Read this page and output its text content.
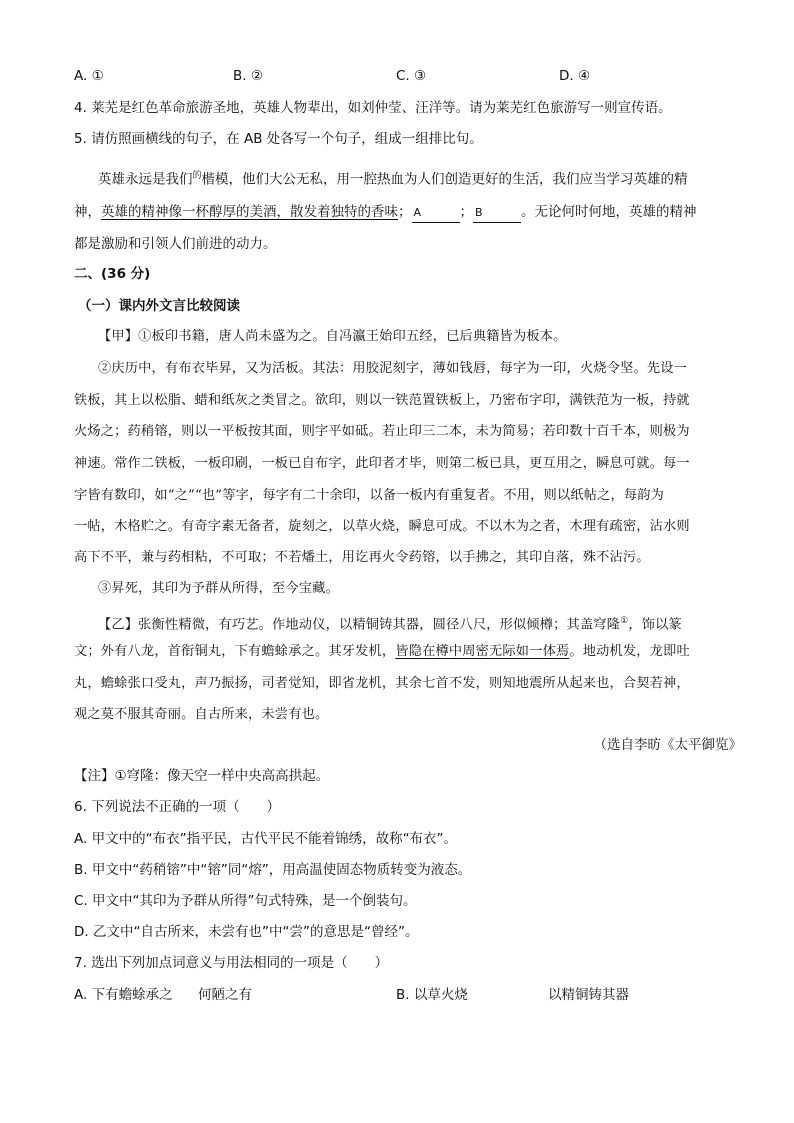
A. ①	B. ②	C. ③	D. ④
4. 莱芜是红色革命旅游圣地，英雄人物辈出，如刘仲莹、汪洋等。请为莱芜红色旅游写一则宣传语。
5. 请仿照画横线的句子，在 AB 处各写一个句子，组成一组排比句。
英雄永远是我们$^的$楷模，他们大公无私，用一腔热血为人们创造更好的生活，我们应当学习英雄的精
神，英雄的精神像一杯醇厚的美酒，散发着独特的香味； A	； B	。无论何时何地，英雄的精神
都是激励和引领人们前进的动力。
二、(36 分)
（一）课内外文言比较阅读
【甲】①板印书籍，唐人尚未盛为之。自冯瀛王始印五经，已后典籍皆为板本。
②庆历中，有布衣毕昇，又为活板。其法：用胶泥刻字，薄如钱唇，每字为一印，火烧令坚。先设一
铁板，其上以松脂、蜡和纸灰之类冒之。欲印，则以一铁范置铁板上，乃密布字印，满铁范为一板，持就
火炀之；药稍镕，则以一平板按其面，则字平如砥。若止印三二本，未为简易；若印数十百千本，则极为
神速。常作二铁板，一板印刷，一板已自布字，此印者才毕，则第二板已具，更互用之，瞬息可就。每一
字皆有数印，如“之”“也”等字，每字有二十余印，以备一板内有重复者。不用，则以纸帖之，每韵为
一帖，木格贮之。有奇字素无备者，旋刻之，以草火烧，瞬息可成。不以木为之者，木理有疏密，沾水则
高下不平，兼与药相粘，不可取；不若燔土，用讫再火令药镕，以手拂之，其印自落，殊不沾污。
③昇死，其印为予群从所得，至今宝藏。
【乙】张衡性精微，有巧艺。作地动仪，以精铜铸其器，圆径八尺，形似倾樽；其盖穹隆①，饰以篆
文；外有八龙，首衔铜丸，下有蟾蜍承之。其牙发机，皆隐在樽中周密无际如一体焉。地动机发，龙即吐
丸，蟾蜍张口受丸，声乃振扬，司者觉知，即省龙机，其余七首不发，则知地震所从起来也，合契若神，
观之莫不服其奇丽。自古所来，未尝有也。
（选自李昉《太平御览》
【注】①穹隆：像天空一样中央高高拱起。
6. 下列说法不正确的一项（　　）
A. 甲文中的“布衣”指平民，古代平民不能着锦绣，故称“布衣”。
B. 甲文中“药稍镕”中“镕”同“熔”，用高温使固态物质转变为液态。
C. 甲文中“其印为予群从所得”句式特殊，是一个倒装句。
D. 乙文中“自古所来，未尝有也”中“尝”的意思是“曾经”。
7. 选出下列加点词意义与用法相同的一项是（　　）
A. 下有蟾蜍承之 何陋之有	B. 以草火烧	以精铜铸其器
